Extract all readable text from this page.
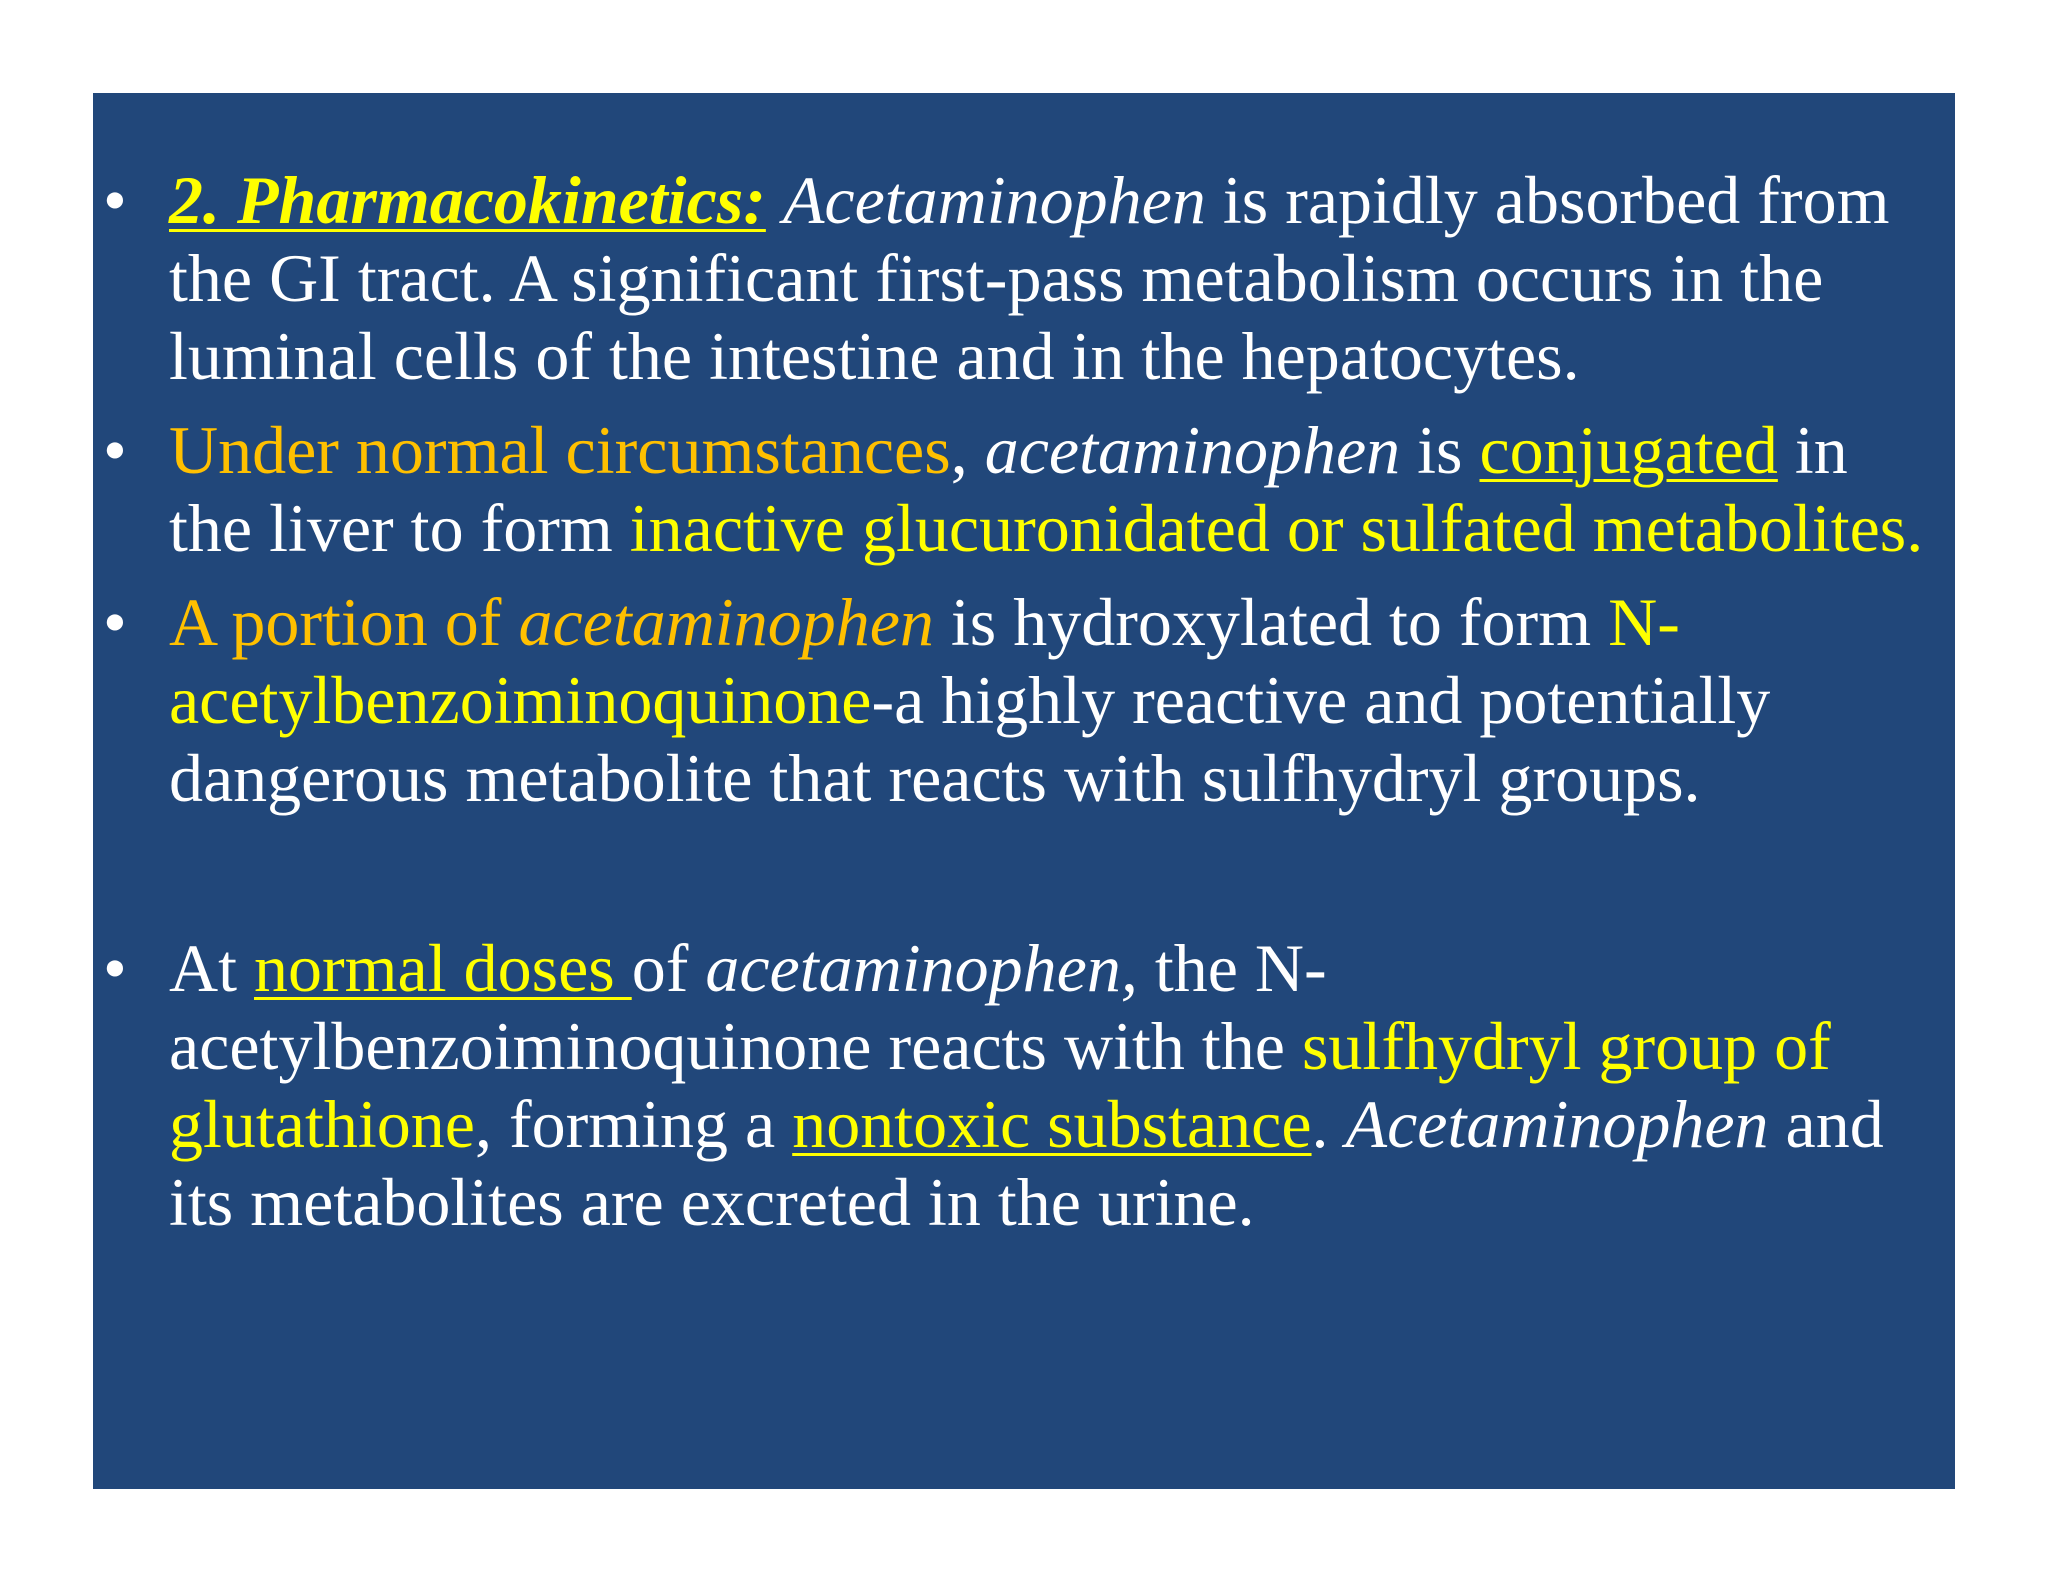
• 2. Pharmacokinetics: Acetaminophen is rapidly absorbed from the GI tract. A significant first-pass metabolism occurs in the luminal cells of the intestine and in the hepatocytes.

• Under normal circumstances, acetaminophen is conjugated in the liver to form inactive glucuronidated or sulfated metabolites.

• A portion of acetaminophen is hydroxylated to form N-acetylbenzoiminoquinone-a highly reactive and potentially dangerous metabolite that reacts with sulfhydryl groups.

• At normal doses of acetaminophen, the N-acetylbenzoiminoquinone reacts with the sulfhydryl group of glutathione, forming a nontoxic substance. Acetaminophen and its metabolites are excreted in the urine.
